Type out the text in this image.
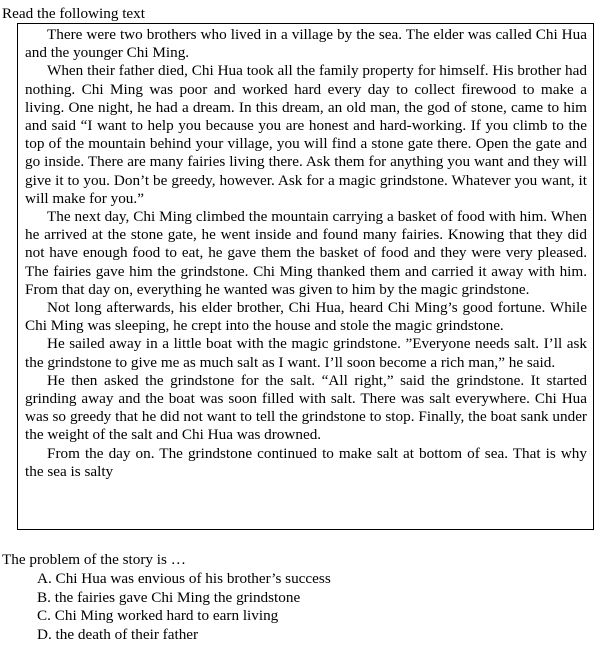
Read the following text

There were two brothers who lived in a village by the sea. The elder was called Chi Hua and the younger Chi Ming.

When their father died, Chi Hua took all the family property for himself. His brother had nothing. Chi Ming was poor and worked hard every day to collect firewood to make a living. One night, he had a dream. In this dream, an old man, the god of stone, came to him and said “I want to help you because you are honest and hard-working. If you climb to the top of the mountain behind your village, you will find a stone gate there. Open the gate and go inside. There are many fairies living there. Ask them for anything you want and they will give it to you. Don’t be greedy, however. Ask for a magic grindstone. Whatever you want, it will make for you.”

The next day, Chi Ming climbed the mountain carrying a basket of food with him. When he arrived at the stone gate, he went inside and found many fairies. Knowing that they did not have enough food to eat, he gave them the basket of food and they were very pleased. The fairies gave him the grindstone. Chi Ming thanked them and carried it away with him. From that day on, everything he wanted was given to him by the magic grindstone.

Not long afterwards, his elder brother, Chi Hua, heard Chi Ming’s good fortune. While Chi Ming was sleeping, he crept into the house and stole the magic grindstone.

He sailed away in a little boat with the magic grindstone. ”Everyone needs salt. I’ll ask the grindstone to give me as much salt as I want. I’ll soon become a rich man,” he said.

He then asked the grindstone for the salt. “All right,” said the grindstone. It started grinding away and the boat was soon filled with salt. There was salt everywhere. Chi Hua was so greedy that he did not want to tell the grindstone to stop. Finally, the boat sank under the weight of the salt and Chi Hua was drowned.

From the day on. The grindstone continued to make salt at bottom of sea. That is why the sea is salty

The problem of the story is …
A. Chi Hua was envious of his brother’s success
B. the fairies gave Chi Ming the grindstone
C. Chi Ming worked hard to earn living
D. the death of their father
